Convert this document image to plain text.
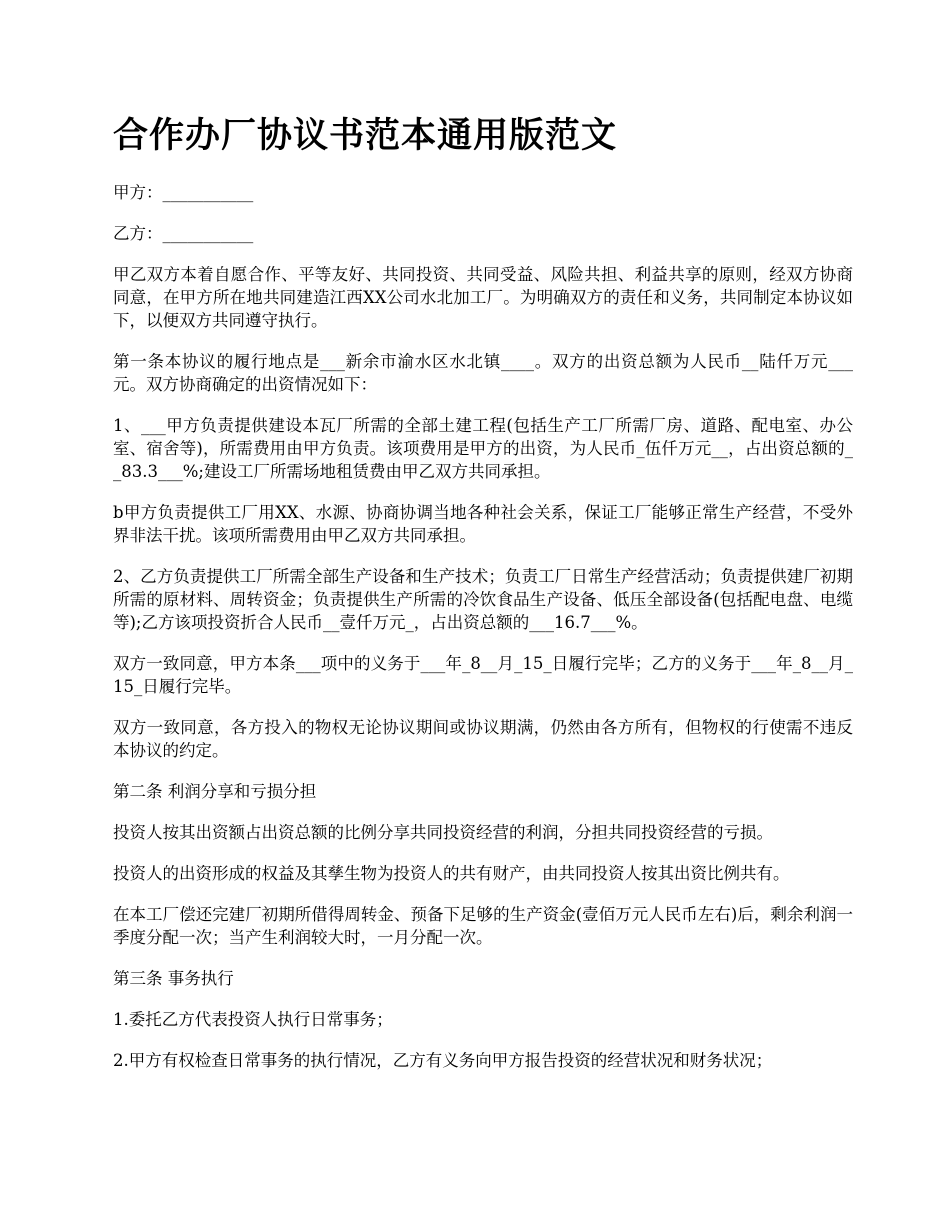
合作办厂协议书范本通用版范文

甲方：___________

乙方：___________

甲乙双方本着自愿合作、平等友好、共同投资、共同受益、风险共担、利益共享的原则，经双方协商同意，在甲方所在地共同建造江西XX公司水北加工厂。为明确双方的责任和义务，共同制定本协议如下，以便双方共同遵守执行。

第一条本协议的履行地点是___新余市渝水区水北镇____。双方的出资总额为人民币__陆仟万元___元。双方协商确定的出资情况如下：

1、___甲方负责提供建设本瓦厂所需的全部土建工程(包括生产工厂所需厂房、道路、配电室、办公室、宿舍等)，所需费用由甲方负责。该项费用是甲方的出资，为人民币_伍仟万元__，占出资总额的__83.3___%;建设工厂所需场地租赁费由甲乙双方共同承担。

b甲方负责提供工厂用XX、水源、协商协调当地各种社会关系，保证工厂能够正常生产经营，不受外界非法干扰。该项所需费用由甲乙双方共同承担。

2、乙方负责提供工厂所需全部生产设备和生产技术；负责工厂日常生产经营活动；负责提供建厂初期所需的原材料、周转资金；负责提供生产所需的冷饮食品生产设备、低压全部设备(包括配电盘、电缆等);乙方该项投资折合人民币__壹仟万元_，占出资总额的___16.7___%。

双方一致同意，甲方本条___项中的义务于___年_8__月_15_日履行完毕；乙方的义务于___年_8__月_15_日履行完毕。

双方一致同意，各方投入的物权无论协议期间或协议期满，仍然由各方所有，但物权的行使需不违反本协议的约定。

第二条 利润分享和亏损分担

投资人按其出资额占出资总额的比例分享共同投资经营的利润，分担共同投资经营的亏损。

投资人的出资形成的权益及其孳生物为投资人的共有财产，由共同投资人按其出资比例共有。

在本工厂偿还完建厂初期所借得周转金、预备下足够的生产资金(壹佰万元人民币左右)后，剩余利润一季度分配一次；当产生利润较大时，一月分配一次。

第三条 事务执行

1.委托乙方代表投资人执行日常事务；

2.甲方有权检查日常事务的执行情况，乙方有义务向甲方报告投资的经营状况和财务状况；
